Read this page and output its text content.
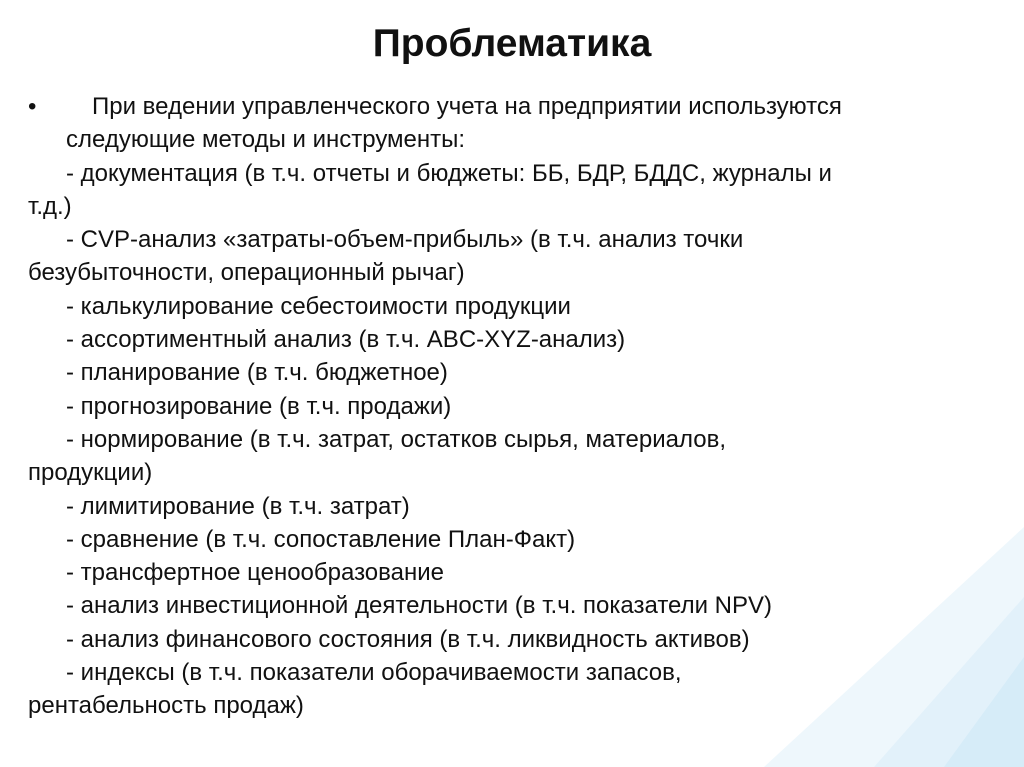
Проблематика
• При ведении управленческого учета на предприятии используются
следующие методы и инструменты:
- документация (в т.ч. отчеты и бюджеты: ББ, БДР, БДДС, журналы и
т.д.)
- CVP-анализ «затраты-объем-прибыль» (в т.ч. анализ точки
безубыточности, операционный рычаг)
- калькулирование себестоимости продукции
- ассортиментный анализ (в т.ч. ABC-XYZ-анализ)
- планирование (в т.ч. бюджетное)
- прогнозирование (в т.ч. продажи)
- нормирование (в т.ч. затрат, остатков сырья, материалов,
продукции)
- лимитирование (в т.ч. затрат)
- сравнение (в т.ч. сопоставление План-Факт)
- трансфертное ценообразование
- анализ инвестиционной деятельности (в т.ч. показатели NPV)
- анализ финансового состояния (в т.ч. ликвидность активов)
- индексы (в т.ч. показатели оборачиваемости запасов,
рентабельность продаж)
